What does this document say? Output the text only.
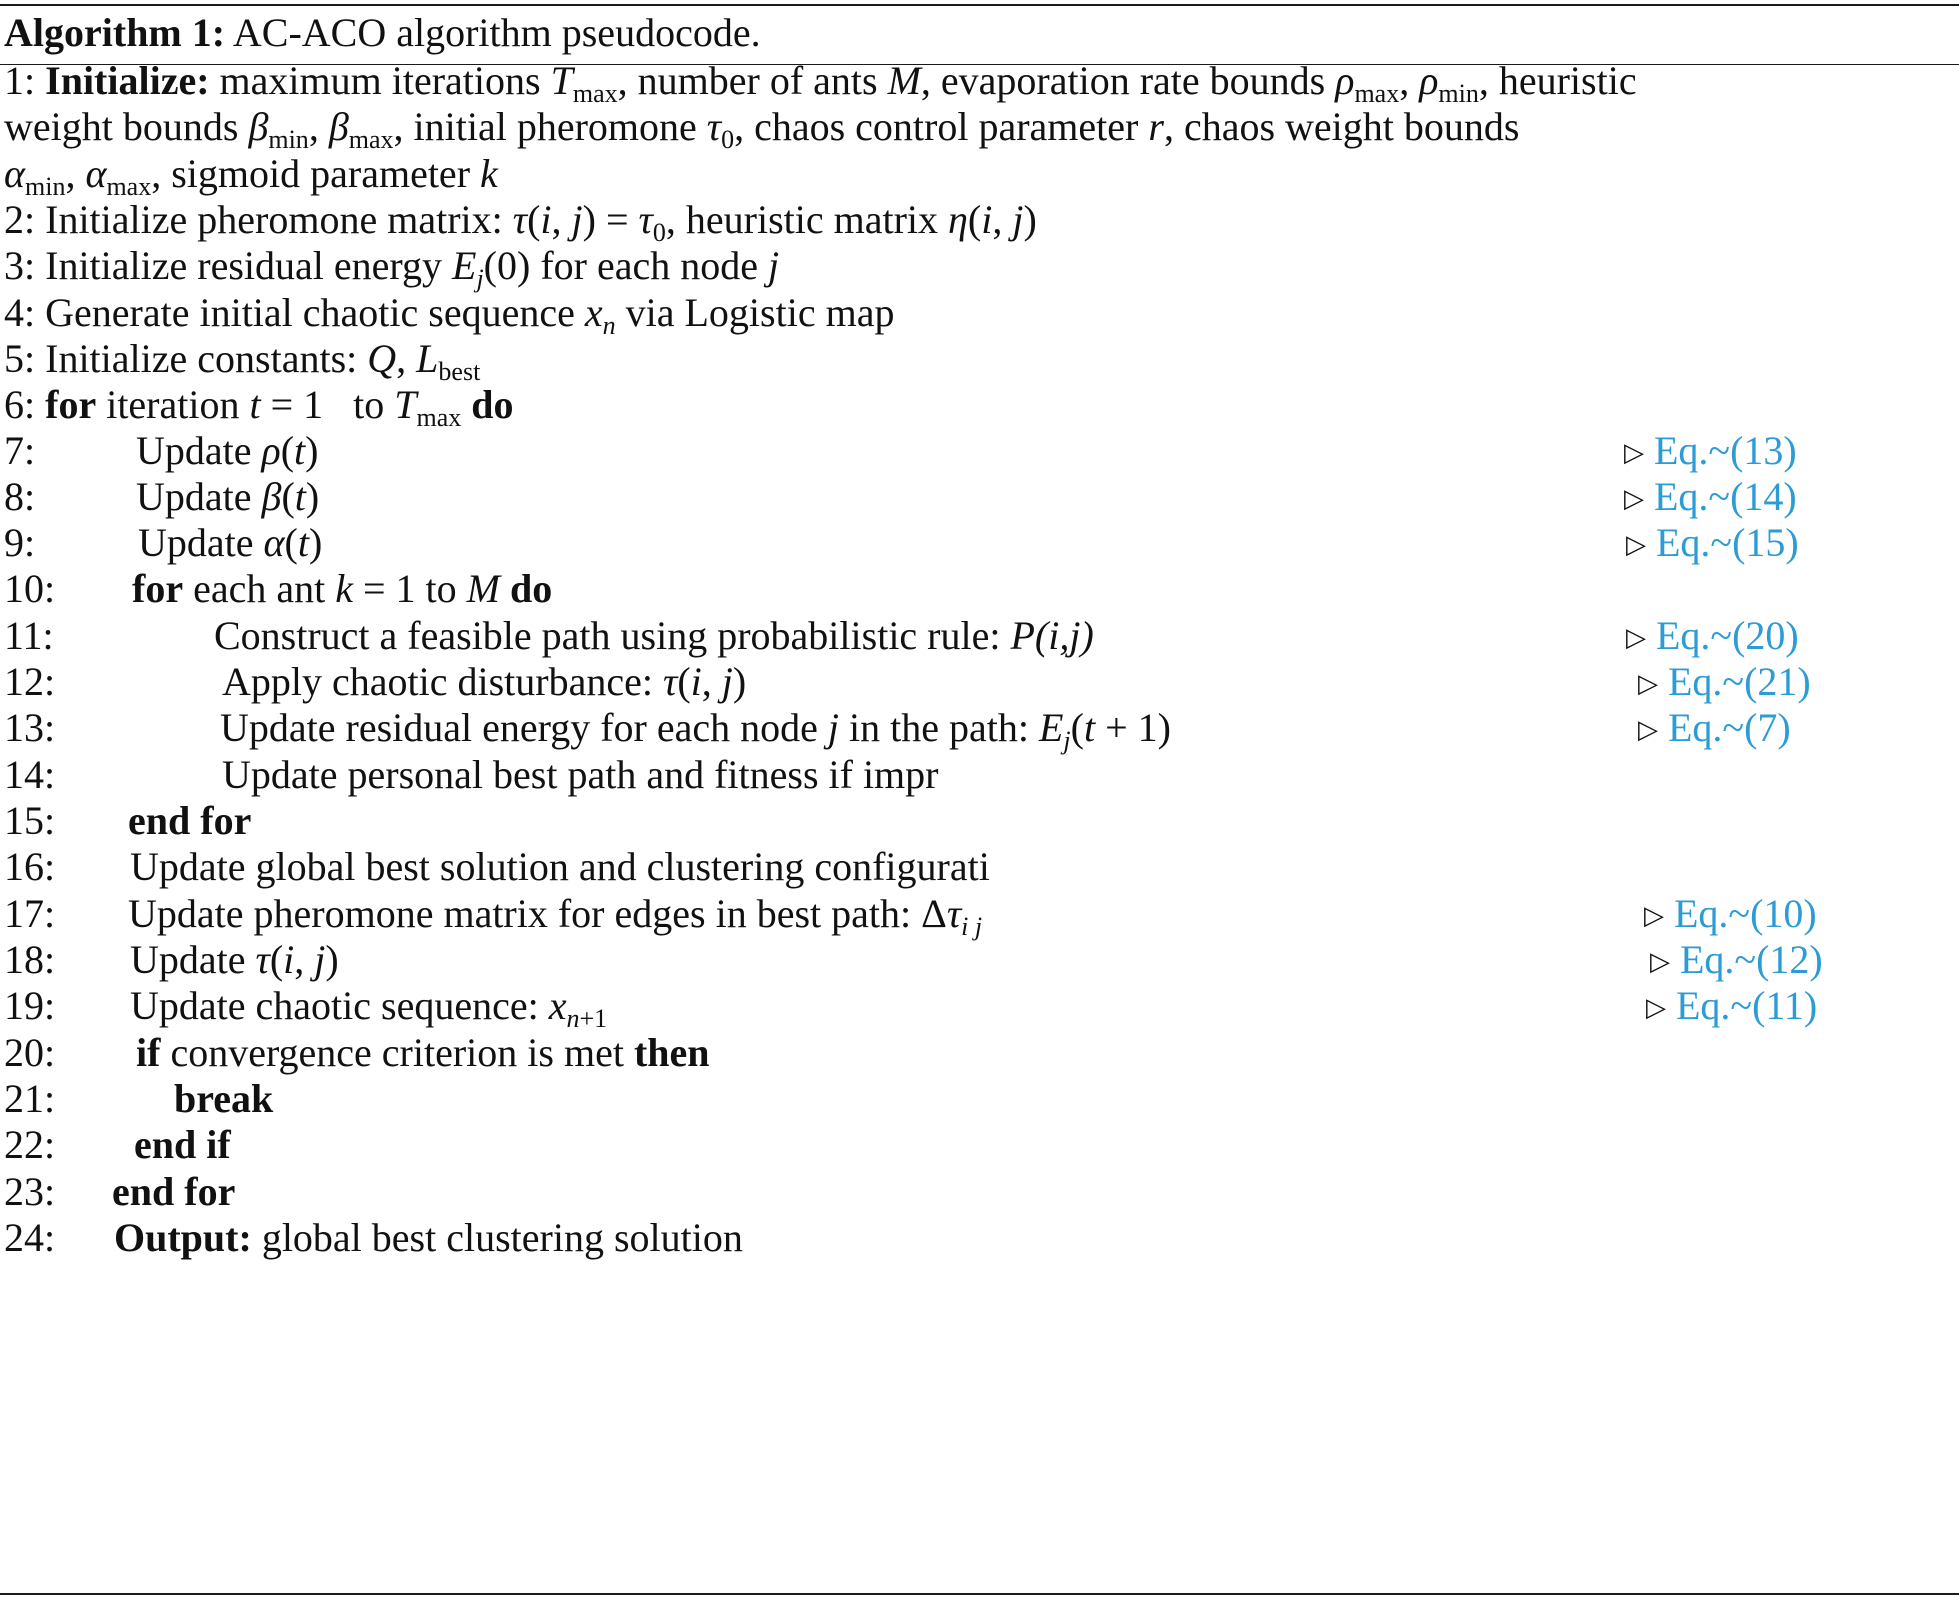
Algorithm 1: AC-ACO algorithm pseudocode.
1: Initialize: maximum iterations $T_{max}$, number of ants M, evaporation rate bounds $\rho_{max}$, $\rho_{min}$, heuristic
weight bounds $\beta_{min}$, $\beta_{max}$, initial pheromone $\tau_0$, chaos control parameter r, chaos weight bounds
$\alpha_{min}$, $\alpha_{max}$, sigmoid parameter k
2: Initialize pheromone matrix: τ(i, $j) = \tau_0$, heuristic matrix η(i, j)
3: Initialize residual energy $E_j(0)$ for each node j
4: Generate initial chaotic sequence $x_n$ via Logistic map
5: Initialize constants: Q, $L_{best}$
6: for iteration t = 1   to $T_{max}$ do
7:	Update ρ(t)	▷ Eq.~(13)
8:	Update β(t)	▷ Eq.~(14)
9:	Update α(t)	▷ Eq.~(15)
10: for each ant k = 1 to M do
11:	Construct a feasible path using probabilistic rule: P(i,j)	▷ Eq.~(20)
12:	Apply chaotic disturbance: τ(i, j)	▷ Eq.~(21)
13:	Update residual energy for each node j in the path: $E_j(t + 1)$	▷ Eq.~(7)
14:	Update personal best path and fitness if impr
15: end for
16: Update global best solution and clustering configurati
17: Update pheromone matrix for edges in best path: $\Delta\tau_{i j}$	▷ Eq.~(10)
18: Update τ(i, j)	▷ Eq.~(12)
19: Update chaotic sequence: $x_{n+1}$	▷ Eq.~(11)
20: if convergence criterion is met then
21:	break
22: end if
23: end for
24: Output: global best clustering solution
